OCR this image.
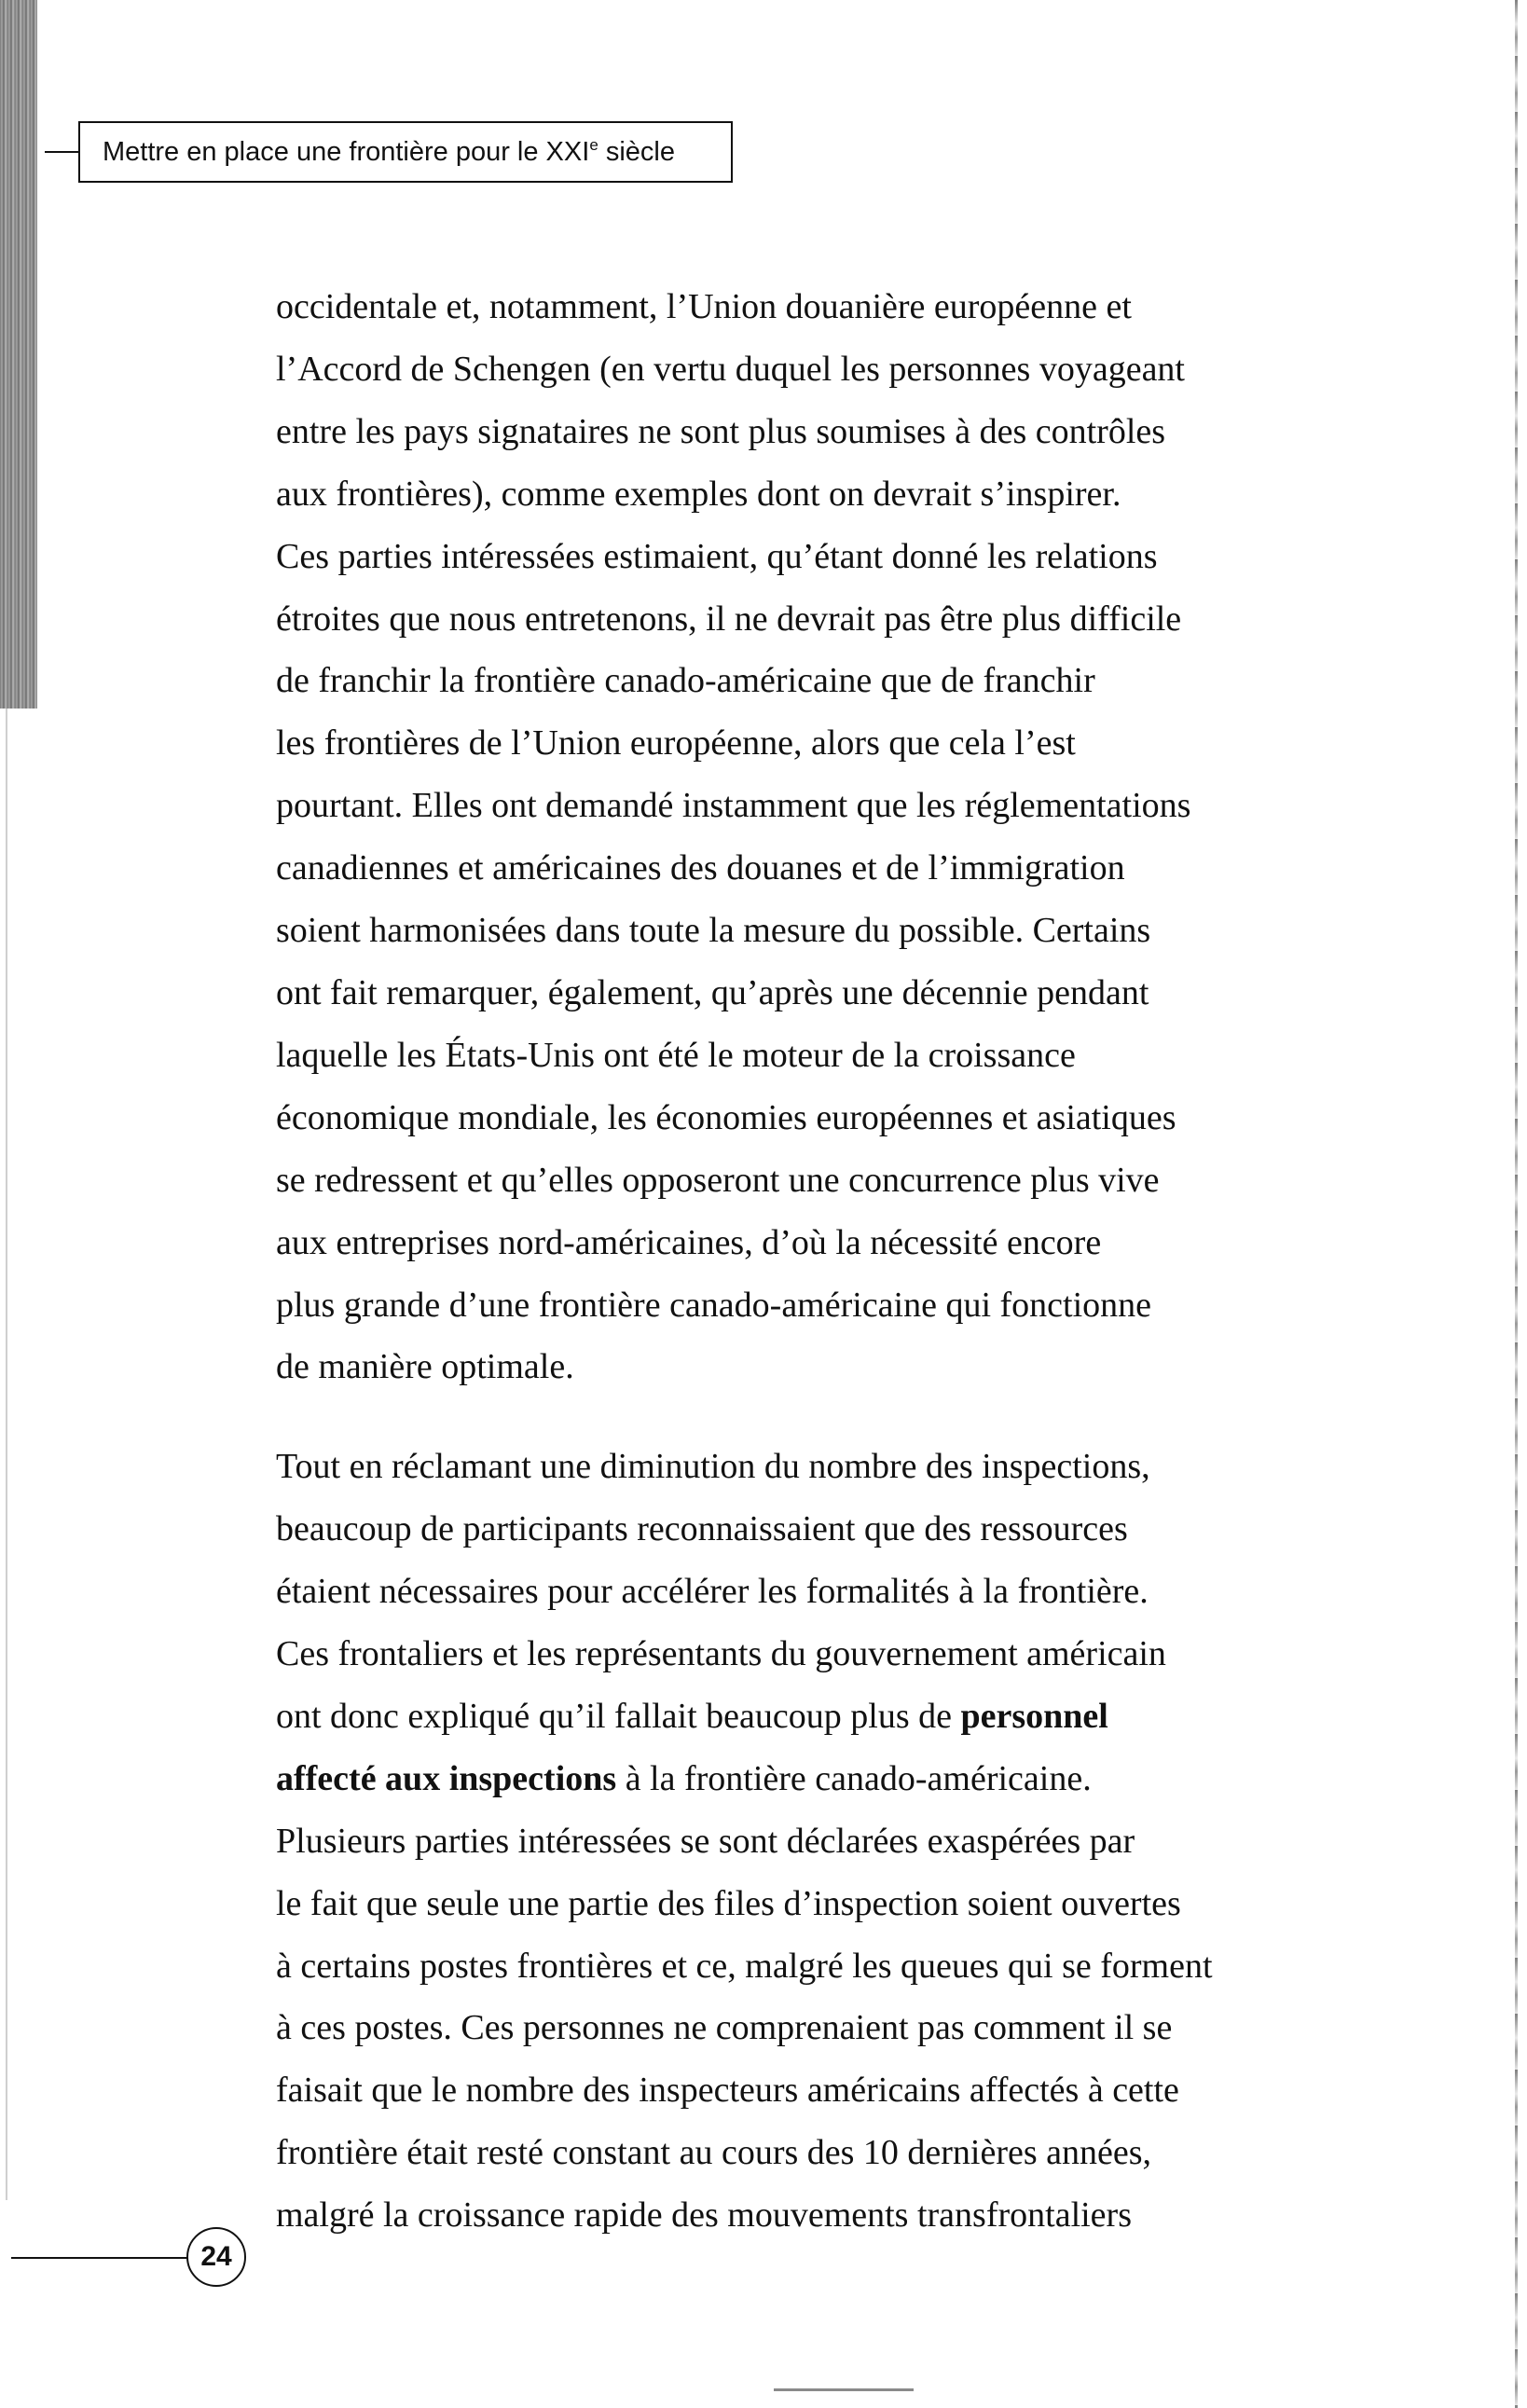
Mettre en place une frontière pour le XXIe siècle

occidentale et, notamment, l’Union douanière européenne et
l’Accord de Schengen (en vertu duquel les personnes voyageant
entre les pays signataires ne sont plus soumises à des contrôles
aux frontières), comme exemples dont on devrait s’inspirer.
Ces parties intéressées estimaient, qu’étant donné les relations
étroites que nous entretenons, il ne devrait pas être plus difficile
de franchir la frontière canado-américaine que de franchir
les frontières de l’Union européenne, alors que cela l’est
pourtant. Elles ont demandé instamment que les réglementations
canadiennes et américaines des douanes et de l’immigration
soient harmonisées dans toute la mesure du possible. Certains
ont fait remarquer, également, qu’après une décennie pendant
laquelle les États-Unis ont été le moteur de la croissance
économique mondiale, les économies européennes et asiatiques
se redressent et qu’elles opposeront une concurrence plus vive
aux entreprises nord-américaines, d’où la nécessité encore
plus grande d’une frontière canado-américaine qui fonctionne
de manière optimale.

Tout en réclamant une diminution du nombre des inspections,
beaucoup de participants reconnaissaient que des ressources
étaient nécessaires pour accélérer les formalités à la frontière.
Ces frontaliers et les représentants du gouvernement américain
ont donc expliqué qu’il fallait beaucoup plus de personnel
affecté aux inspections à la frontière canado-américaine.
Plusieurs parties intéressées se sont déclarées exaspérées par
le fait que seule une partie des files d’inspection soient ouvertes
à certains postes frontières et ce, malgré les queues qui se forment
à ces postes. Ces personnes ne comprenaient pas comment il se
faisait que le nombre des inspecteurs américains affectés à cette
frontière était resté constant au cours des 10 dernières années,
malgré la croissance rapide des mouvements transfrontaliers

24
